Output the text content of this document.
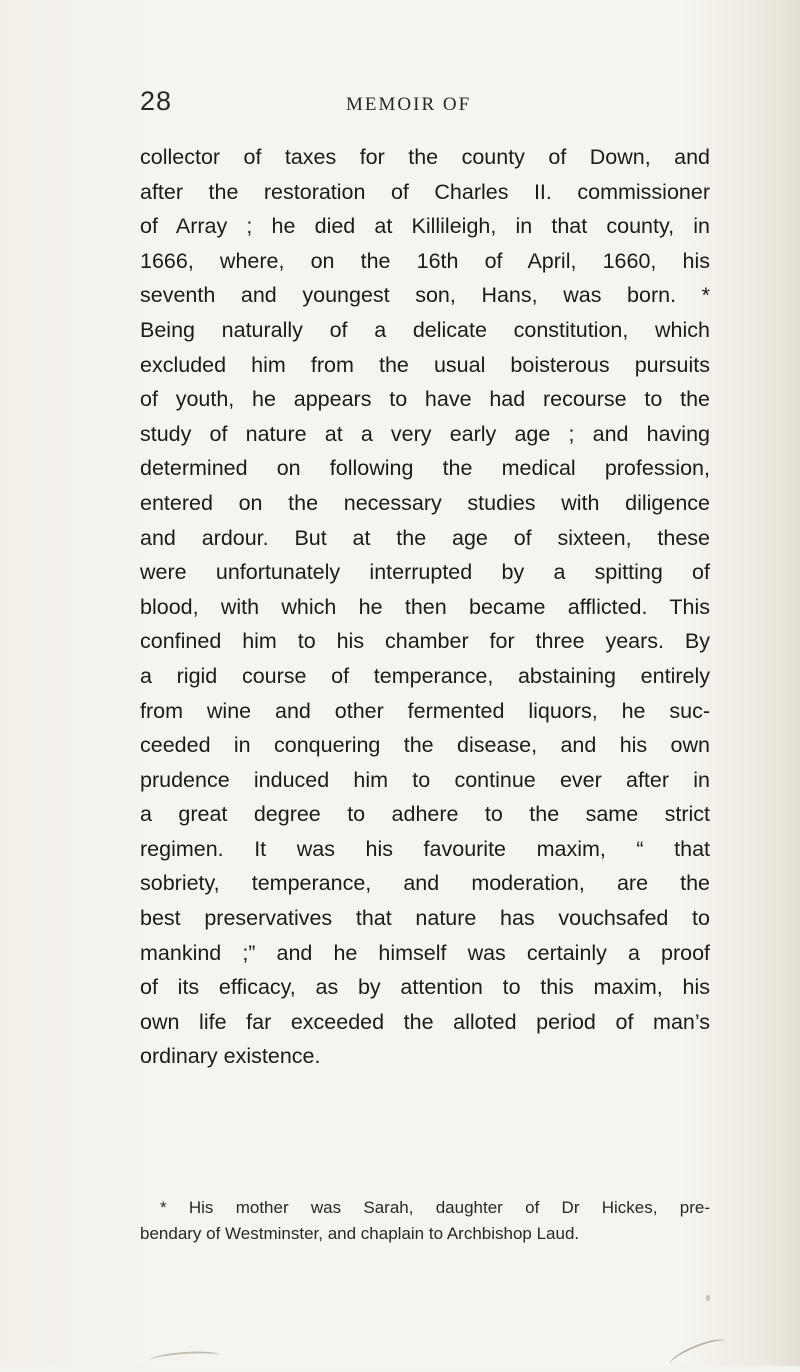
28	MEMOIR OF
collector of taxes for the county of Down, and
after the restoration of Charles II. commissioner
of Array ; he died at Killileigh, in that county, in
1666, where, on the 16th of April, 1660, his
seventh and youngest son, Hans, was born. *
Being naturally of a delicate constitution, which
excluded him from the usual boisterous pursuits
of youth, he appears to have had recourse to the
study of nature at a very early age ; and having
determined on following the medical profession,
entered on the necessary studies with diligence
and ardour. But at the age of sixteen, these
were unfortunately interrupted by a spitting of
blood, with which he then became afflicted. This
confined him to his chamber for three years. By
a rigid course of temperance, abstaining entirely
from wine and other fermented liquors, he suc-
ceeded in conquering the disease, and his own
prudence induced him to continue ever after in
a great degree to adhere to the same strict
regimen. It was his favourite maxim, “ that
sobriety, temperance, and moderation, are the
best preservatives that nature has vouchsafed to
mankind ;” and he himself was certainly a proof
of its efficacy, as by attention to this maxim, his
own life far exceeded the alloted period of man’s
ordinary existence.
* His mother was Sarah, daughter of Dr Hickes, pre-
bendary of Westminster, and chaplain to Archbishop Laud.
